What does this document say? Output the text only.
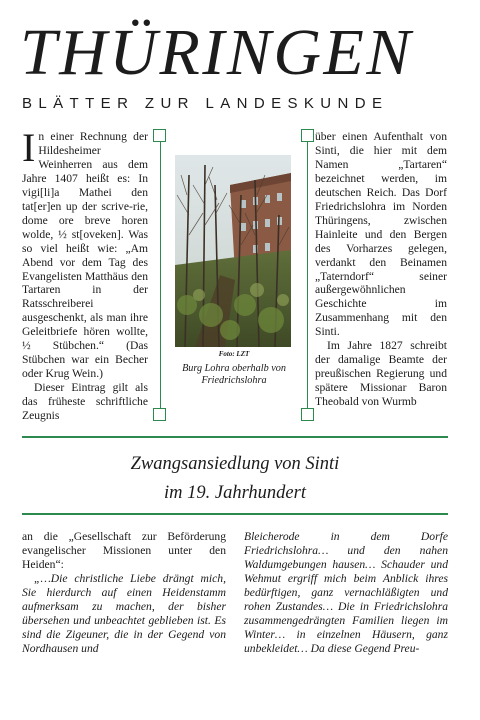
THÜRINGEN
BLÄTTER ZUR LANDESKUNDE

In einer Rechnung der Hildesheimer Weinherren aus dem Jahre 1407 heißt es: In vigi[li]a Mathei den tat[er]en up der scrive-rie, dome ore breve horen wolde, ½ st[oveken]. Was so viel heißt wie: „Am Abend vor dem Tag des Evangelisten Matthäus den Tartaren in der Ratsschreiberei ausgeschenkt, als man ihre Geleitbriefe hören wollte, ½ Stübchen.“ (Das Stübchen war ein Becher oder Krug Wein.)

Dieser Eintrag gilt als das früheste schriftliche Zeugnis

Foto: LZT
Burg Lohra oberhalb von Friedrichslohra

über einen Aufenthalt von Sinti, die hier mit dem Namen „Tartaren“ bezeichnet werden, im deutschen Reich. Das Dorf Friedrichslohra im Norden Thüringens, zwischen Hainleite und den Bergen des Vorharzes gelegen, verdankt den Beinamen „Taterndorf“ seiner außergewöhnlichen Geschichte im Zusammenhang mit den Sinti.

Im Jahre 1827 schreibt der damalige Beamte der preußischen Regierung und spätere Missionar Baron Theobald von Wurmb

Zwangsansiedlung von Sinti
im 19. Jahrhundert

an die „Gesellschaft zur Beförderung evangelischer Missionen unter den Heiden“:

„…Die christliche Liebe drängt mich, Sie hierdurch auf einen Heidenstamm aufmerksam zu machen, der bisher übersehen und unbeachtet geblieben ist. Es sind die Zigeuner, die in der Gegend von Nordhausen und

Bleicherode in dem Dorfe Friedrichslohra… und den nahen Waldumgebungen hausen… Schauder und Wehmut ergriff mich beim Anblick ihres bedürftigen, ganz vernachläßigten und rohen Zustandes… Die in Friedrichslohra zusammengedrängten Familien liegen im Winter… in einzelnen Häusern, ganz unbekleidet… Da diese Gegend Preu-
